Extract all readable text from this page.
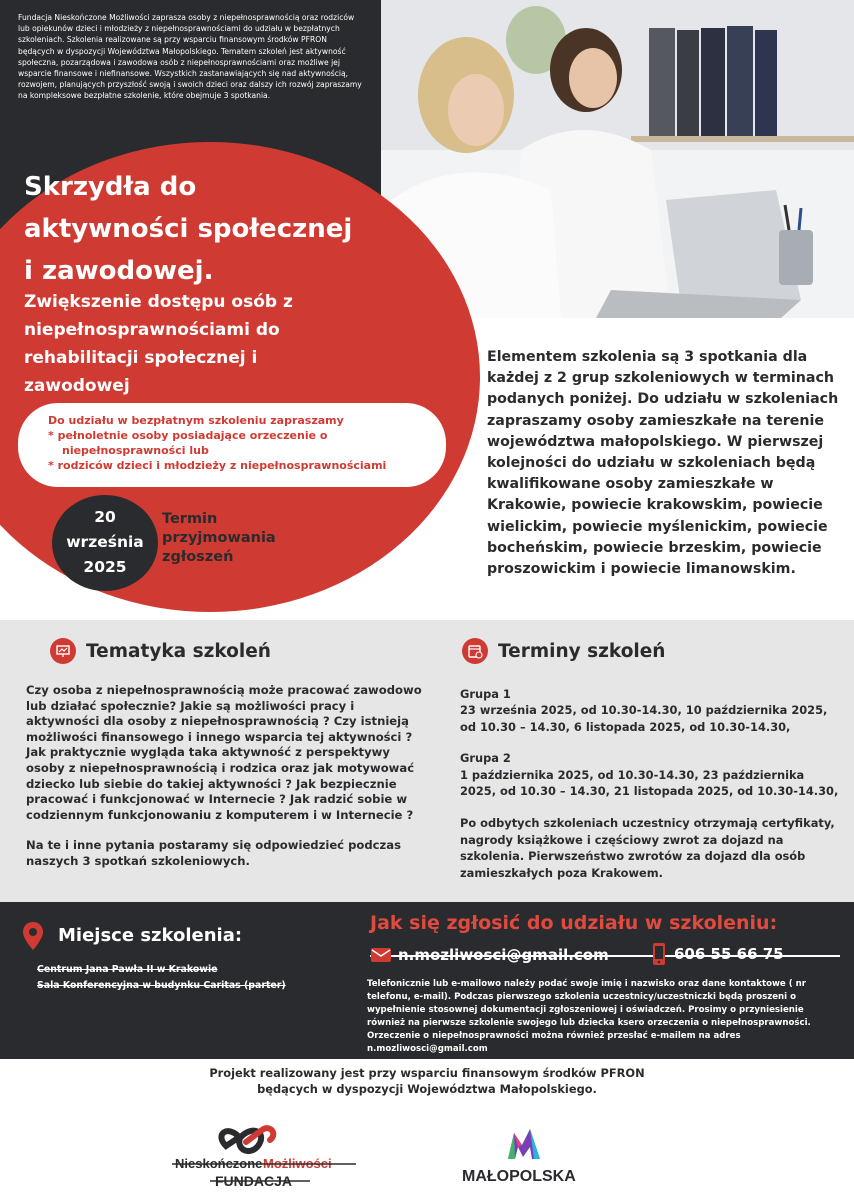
Fundacja Nieskończone Możliwości zaprasza osoby z niepełnosprawnością oraz rodziców lub opiekunów dzieci i młodzieży z niepełnosprawnościami do udziału w bezpłatnych szkoleniach. Szkolenia realizowane są przy wsparciu finansowym środków PFRON będących w dyspozycji Województwa Małopolskiego. Tematem szkoleń jest aktywność społeczna, pozarządowa i zawodowa osób z niepełnosprawnościami oraz możliwe jej wsparcie finansowe i niefinansowe. Wszystkich zastanawiających się nad aktywnością, rozwojem, planujących przyszłość swoją i swoich dzieci oraz dalszy ich rozwój zapraszamy na kompleksowe bezpłatne szkolenie, które obejmuje 3 spotkania.
Skrzydła do
aktywności społecznej
i zawodowej.
Zwiększenie dostępu osób z
niepełnosprawnościami do
rehabilitacji społecznej i
zawodowej
Do udziału w bezpłatnym szkoleniu zapraszamy
* pełnoletnie osoby posiadające orzeczenie o
niepełnosprawności lub
* rodziców dzieci i młodzieży z niepełnosprawnościami
20
września
2025
Termin
przyjmowania
zgłoszeń
Elementem szkolenia są 3 spotkania dla każdej z 2 grup szkoleniowych w terminach podanych poniżej. Do udziału w szkoleniach zapraszamy osoby zamieszkałe na terenie województwa małopolskiego. W pierwszej kolejności do udziału w szkoleniach będą kwalifikowane osoby zamieszkałe w Krakowie, powiecie krakowskim, powiecie wielickim, powiecie myślenickim, powiecie bocheńskim, powiecie brzeskim, powiecie proszowickim i powiecie limanowskim.
Tematyka szkoleń
Czy osoba z niepełnosprawnością może pracować zawodowo lub działać społecznie? Jakie są możliwości pracy i aktywności dla osoby z niepełnosprawnością ? Czy istnieją możliwości finansowego i innego wsparcia tej aktywności ? Jak praktycznie wygląda taka aktywność z perspektywy osoby z niepełnosprawnością i rodzica oraz jak motywować dziecko lub siebie do takiej aktywności ? Jak bezpiecznie pracować i funkcjonować w Internecie ? Jak radzić sobie w codziennym funkcjonowaniu z komputerem i w Internecie ?
Na te i inne pytania postaramy się odpowiedzieć podczas naszych 3 spotkań szkoleniowych.
Terminy szkoleń
Grupa 1
23 września 2025, od 10.30-14.30, 10 października 2025, od 10.30 – 14.30, 6 listopada 2025, od 10.30-14.30,
Grupa 2
1 października 2025, od 10.30-14.30, 23 października 2025, od 10.30 – 14.30, 21 listopada 2025, od 10.30-14.30,
Po odbytych szkoleniach uczestnicy otrzymają certyfikaty, nagrody książkowe i częściowy zwrot za dojazd na szkolenia. Pierwszeństwo zwrotów za dojazd dla osób zamieszkałych poza Krakowem.
Miejsce szkolenia:
Centrum Jana Pawła II w Krakowie
Sala Konferencyjna w budynku Caritas (parter)
Jak się zgłosić do udziału w szkoleniu:
n.mozliwosci@gmail.com	606 55 66 75
Telefonicznie lub e-mailowo należy podać swoje imię i nazwisko oraz dane kontaktowe ( nr telefonu, e-mail). Podczas pierwszego szkolenia uczestnicy/uczestniczki będą proszeni o wypełnienie stosownej dokumentacji zgłoszeniowej i oświadczeń. Prosimy o przyniesienie również na pierwsze szkolenie swojego lub dziecka ksero orzeczenia o niepełnosprawności. Orzeczenie o niepełnosprawności można również przesłać e-mailem na adres n.mozliwosci@gmail.com
Projekt realizowany jest przy wsparciu finansowym środków PFRON
będących w dyspozycji Województwa Małopolskiego.
Nieskończone Możliwości
FUNDACJA	MAŁOPOLSKA
